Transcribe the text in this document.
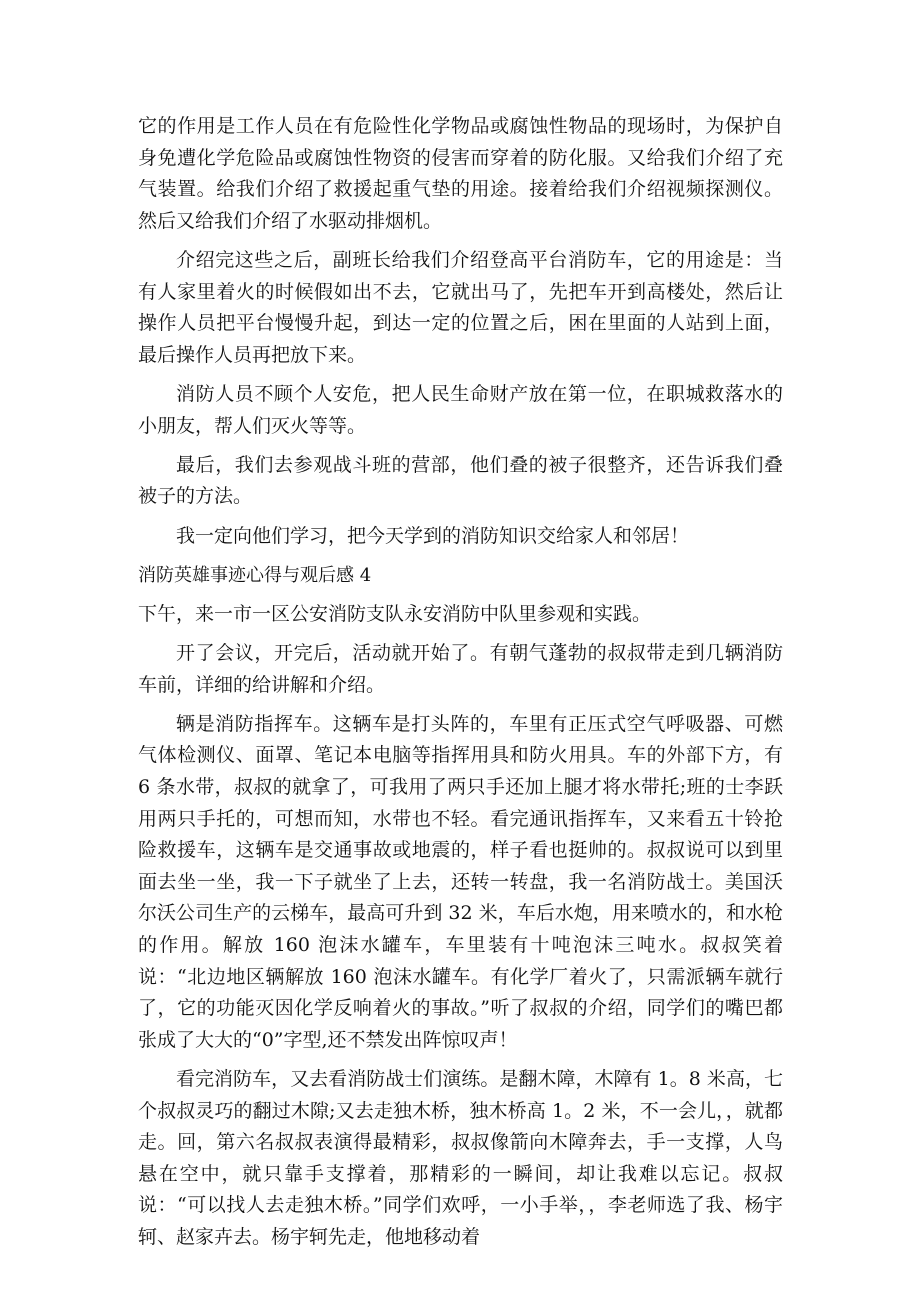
它的作用是工作人员在有危险性化学物品或腐蚀性物品的现场时，为保护自身免遭化学危险品或腐蚀性物资的侵害而穿着的防化服。又给我们介绍了充气装置。给我们介绍了救援起重气垫的用途。接着给我们介绍视频探测仪。然后又给我们介绍了水驱动排烟机。

介绍完这些之后，副班长给我们介绍登高平台消防车，它的用途是：当有人家里着火的时候假如出不去，它就出马了，先把车开到高楼处，然后让操作人员把平台慢慢升起，到达一定的位置之后，困在里面的人站到上面，最后操作人员再把放下来。

消防人员不顾个人安危，把人民生命财产放在第一位，在职城救落水的小朋友，帮人们灭火等等。

最后，我们去参观战斗班的营部，他们叠的被子很整齐，还告诉我们叠被子的方法。

我一定向他们学习，把今天学到的消防知识交给家人和邻居！

消防英雄事迹心得与观后感 4

下午，来一市一区公安消防支队永安消防中队里参观和实践。

开了会议，开完后，活动就开始了。有朝气蓬勃的叔叔带走到几辆消防车前，详细的给讲解和介绍。

辆是消防指挥车。这辆车是打头阵的，车里有正压式空气呼吸器、可燃气体检测仪、面罩、笔记本电脑等指挥用具和防火用具。车的外部下方，有 6 条水带，叔叔的就拿了，可我用了两只手还加上腿才将水带托;班的士李跃用两只手托的，可想而知，水带也不轻。看完通讯指挥车，又来看五十铃抢险救援车，这辆车是交通事故或地震的，样子看也挺帅的。叔叔说可以到里面去坐一坐，我一下子就坐了上去，还转一转盘，我一名消防战士。美国沃尔沃公司生产的云梯车，最高可升到 32 米，车后水炮，用来喷水的，和水枪的作用。解放 160 泡沫水罐车，车里装有十吨泡沫三吨水。叔叔笑着说：“北边地区辆解放 160 泡沫水罐车。有化学厂着火了，只需派辆车就行了，它的功能灭因化学反响着火的事故。”听了叔叔的介绍，同学们的嘴巴都张成了大大的“0”字型,还不禁发出阵惊叹声！

看完消防车，又去看消防战士们演练。是翻木障，木障有 1。8 米高，七个叔叔灵巧的翻过木隙;又去走独木桥，独木桥高 1。2 米，不一会儿，，就都走。回，第六名叔叔表演得最精彩，叔叔像箭向木障奔去，手一支撑，人鸟悬在空中，就只靠手支撑着，那精彩的一瞬间，却让我难以忘记。叔叔说：“可以找人去走独木桥。”同学们欢呼，一小手举，，李老师选了我、杨宇轲、赵家卉去。杨宇轲先走，他地移动着
